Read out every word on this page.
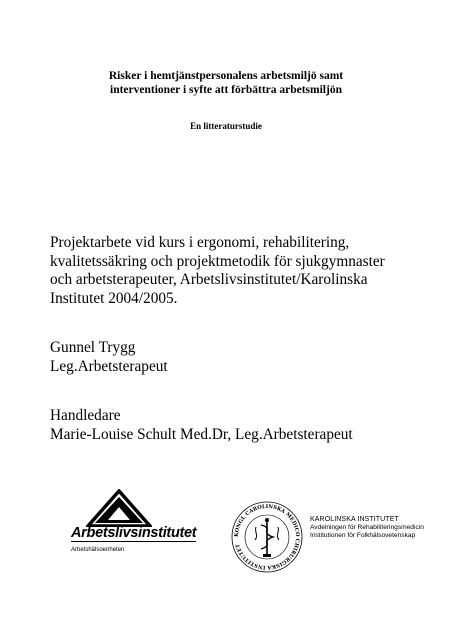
Risker i hemtjänstpersonalens arbetsmiljö samt
interventioner i syfte att förbättra arbetsmiljön
En litteraturstudie
Projektarbete vid kurs i ergonomi, rehabilitering,
kvalitetssäkring och projektmetodik för sjukgymnaster
och arbetsterapeuter, Arbetslivsinstitutet/Karolinska
Institutet 2004/2005.
Gunnel Trygg
Leg.Arbetsterapeut
Handledare
Marie-Louise Schult Med.Dr, Leg.Arbetsterapeut
Arbetslivsinstitutet
Arbetshälsoenheten
KONGL CAROLINSKA MEDICO CHIRURGISKA INSTITUTET
KAROLINSKA INSTITUTET
Avdelningen för Rehabiliteringsmedicin
Institutionen för Folkhälsovetenskap
